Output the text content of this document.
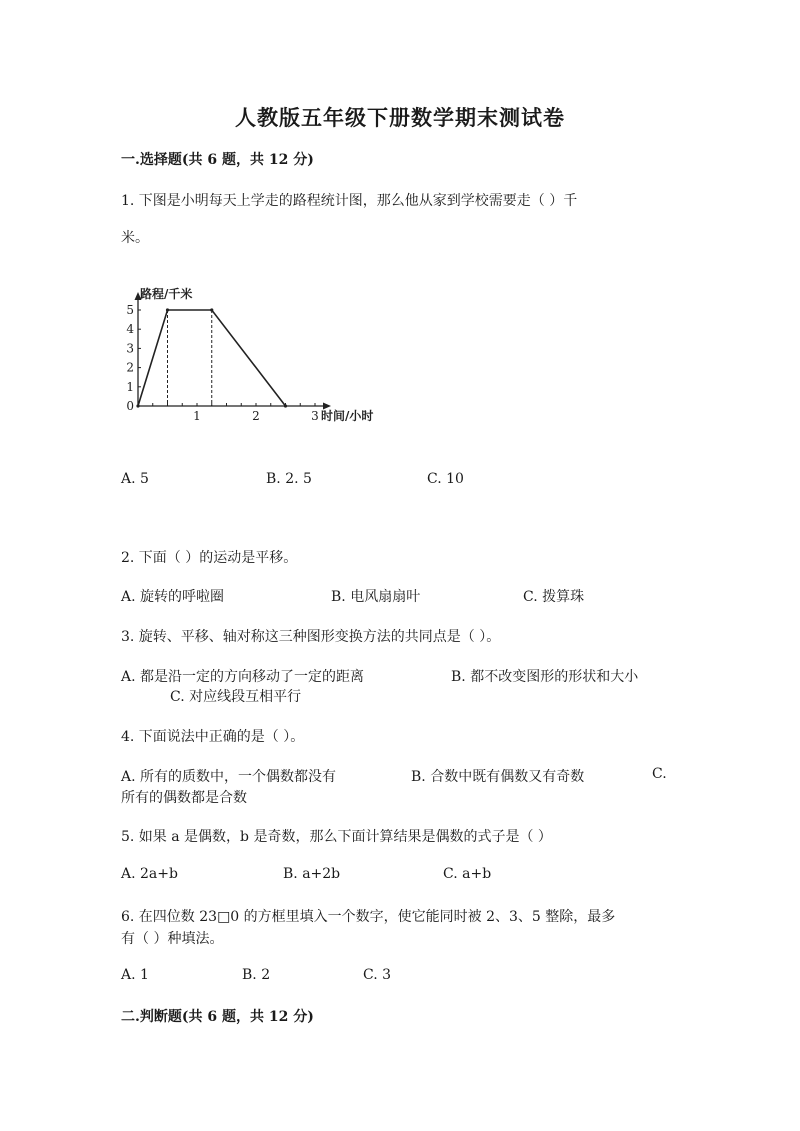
人教版五年级下册数学期末测试卷
一.选择题(共 6 题，共 12 分)
1. 下图是小明每天上学走的路程统计图，那么他从家到学校需要走（ ）千
米。
0
1
2
3
4
5
1	2	3
路程/千米
时间/小时
A. 5	B. 2. 5	C. 10
2. 下面（ ）的运动是平移。
A. 旋转的呼啦圈	B. 电风扇扇叶	C. 拨算珠
3. 旋转、平移、轴对称这三种图形变换方法的共同点是（ ）。
A. 都是沿一定的方向移动了一定的距离	B. 都不改变图形的形状和大小
C. 对应线段互相平行
4. 下面说法中正确的是（ ）。
A. 所有的质数中，一个偶数都没有	B. 合数中既有偶数又有奇数	C.
所有的偶数都是合数
5. 如果 a 是偶数，b 是奇数，那么下面计算结果是偶数的式子是（ ）
A. 2a+b	B. a+2b	C. a+b
6. 在四位数 23□0 的方框里填入一个数字，使它能同时被 2、3、5 整除，最多
有（ ）种填法。
A. 1	B. 2	C. 3
二.判断题(共 6 题，共 12 分)
